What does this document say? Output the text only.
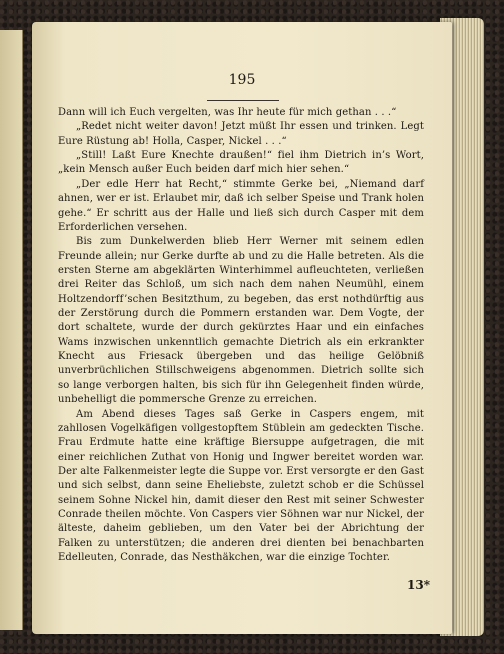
195

Dann will ich Euch vergelten, was Ihr heute für mich gethan . . .“

„Redet nicht weiter davon! Jetzt müßt Ihr essen und trinken. Legt Eure Rüstung ab! Holla, Casper, Nickel . . .“

„Still! Laßt Eure Knechte draußen!“ fiel ihm Dietrich in’s Wort, „kein Mensch außer Euch beiden darf mich hier sehen.“

„Der edle Herr hat Recht,“ stimmte Gerke bei, „Niemand darf ahnen, wer er ist. Erlaubet mir, daß ich selber Speise und Trank holen gehe.“ Er schritt aus der Halle und ließ sich durch Casper mit dem Erforderlichen versehen.

Bis zum Dunkelwerden blieb Herr Werner mit seinem edlen Freunde allein; nur Gerke durfte ab und zu die Halle betreten. Als die ersten Sterne am abgeklärten Winterhimmel aufleuchteten, verließen drei Reiter das Schloß, um sich nach dem nahen Neumühl, einem Holtzendorff’schen Besitzthum, zu begeben, das erst nothdürftig aus der Zerstörung durch die Pommern erstanden war. Dem Vogte, der dort schaltete, wurde der durch gekürztes Haar und ein einfaches Wams inzwischen unkenntlich gemachte Dietrich als ein erkrankter Knecht aus Friesack übergeben und das heilige Gelöbniß unverbrüchlichen Stillschweigens abgenommen. Dietrich sollte sich so lange verborgen halten, bis sich für ihn Gelegenheit finden würde, unbehelligt die pommersche Grenze zu erreichen.

Am Abend dieses Tages saß Gerke in Caspers engem, mit zahllosen Vogelkäfigen vollgestopftem Stüblein am gedeckten Tische. Frau Erdmute hatte eine kräftige Biersuppe aufgetragen, die mit einer reichlichen Zuthat von Honig und Ingwer bereitet worden war. Der alte Falkenmeister legte die Suppe vor. Erst versorgte er den Gast und sich selbst, dann seine Eheliebste, zuletzt schob er die Schüssel seinem Sohne Nickel hin, damit dieser den Rest mit seiner Schwester Conrade theilen möchte. Von Caspers vier Söhnen war nur Nickel, der älteste, daheim geblieben, um den Vater bei der Abrichtung der Falken zu unterstützen; die anderen drei dienten bei benachbarten Edelleuten, Conrade, das Nesthäkchen, war die einzige Tochter.

13*
